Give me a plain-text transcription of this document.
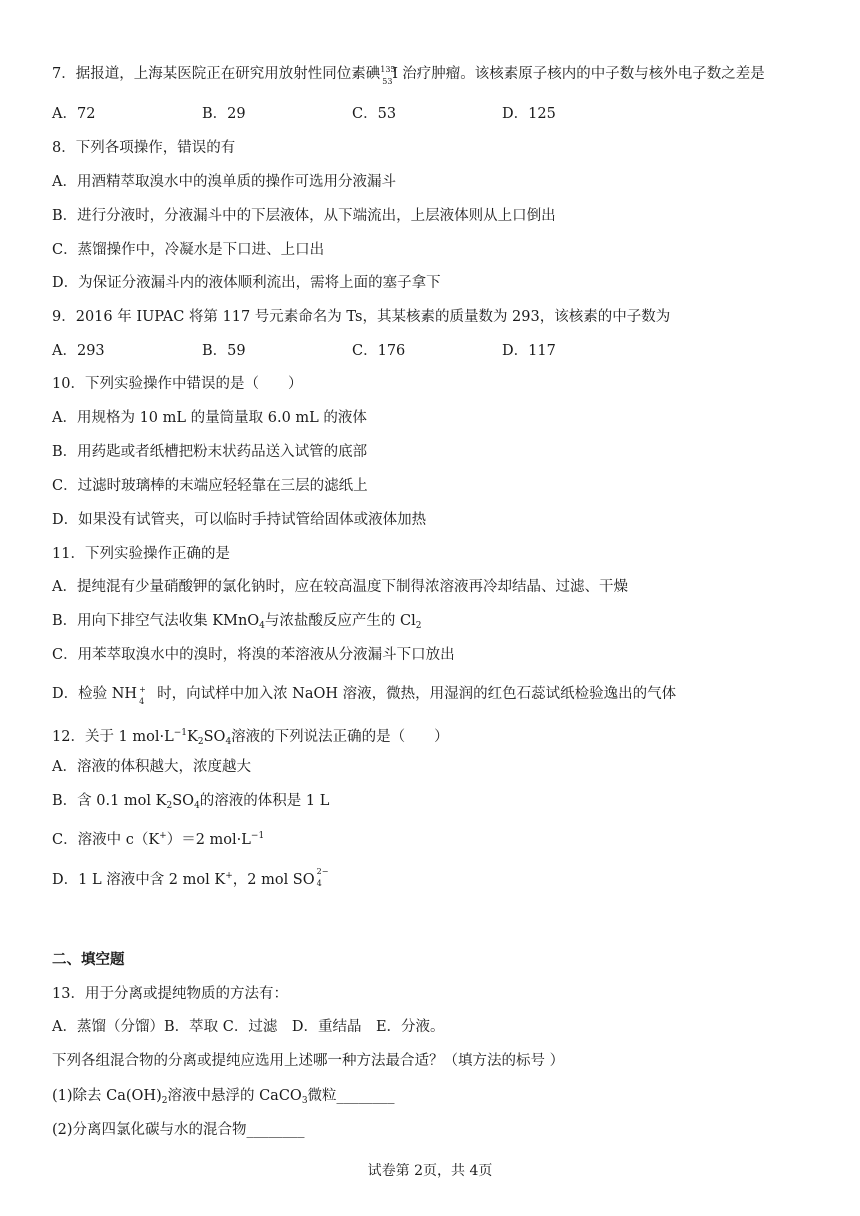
7．据报道，上海某医院正在研究用放射性同位素碘 135
53 I 治疗肿瘤。该核素原子核内的中子数与核外电子数之差是
A．72	B．29	C．53	D．125
8．下列各项操作，错误的有
A．用酒精萃取溴水中的溴单质的操作可选用分液漏斗
B．进行分液时，分液漏斗中的下层液体，从下端流出，上层液体则从上口倒出
C．蒸馏操作中，冷凝水是下口进、上口出
D．为保证分液漏斗内的液体顺利流出，需将上面的塞子拿下
9．2016 年 IUPAC 将第 117 号元素命名为 Ts，其某核素的质量数为 293，该核素的中子数为
A．293	B．59	C．176	D．117
10．下列实验操作中错误的是（　　）
A．用规格为 10 mL 的量筒量取 6.0 mL 的液体
B．用药匙或者纸槽把粉末状药品送入试管的底部
C．过滤时玻璃棒的末端应轻轻靠在三层的滤纸上
D．如果没有试管夹，可以临时手持试管给固体或液体加热
11．下列实验操作正确的是
A．提纯混有少量硝酸钾的氯化钠时，应在较高温度下制得浓溶液再冷却结晶、过滤、干燥
B．用向下排空气法收集 KMnO$_4$与浓盐酸反应产生的 $Cl_2$
C．用苯萃取溴水中的溴时，将溴的苯溶液从分液漏斗下口放出
D．检验 NH +
4 时，向试样中加入浓 NaOH 溶液，微热，用湿润的红色石蕊试纸检验逸出的气体
12．关于 1 $mol\cdot L^{-1}K_2SO_4$溶液的下列说法正确的是（　　）
A．溶液的体积越大，浓度越大
B．含 0.1 mol $K_2SO_4$的溶液的体积是 1 L
C．溶液中 c（K+）＝2 $mol\cdot L^{-1}$
D．1 L 溶液中含 2 mol K+，2 mol SO
2−
4
二、填空题
13．用于分离或提纯物质的方法有：
A．蒸馏（分馏）B．萃取 C．过滤　D．重结晶　E．分液。
下列各组混合物的分离或提纯应选用上述哪一种方法最合适？（填方法的标号 ）
(1)除去 $Ca(OH)_2$溶液中悬浮的 CaCO$_3$微粒________
(2)分离四氯化碳与水的混合物________
试卷第 2页，共 4页
